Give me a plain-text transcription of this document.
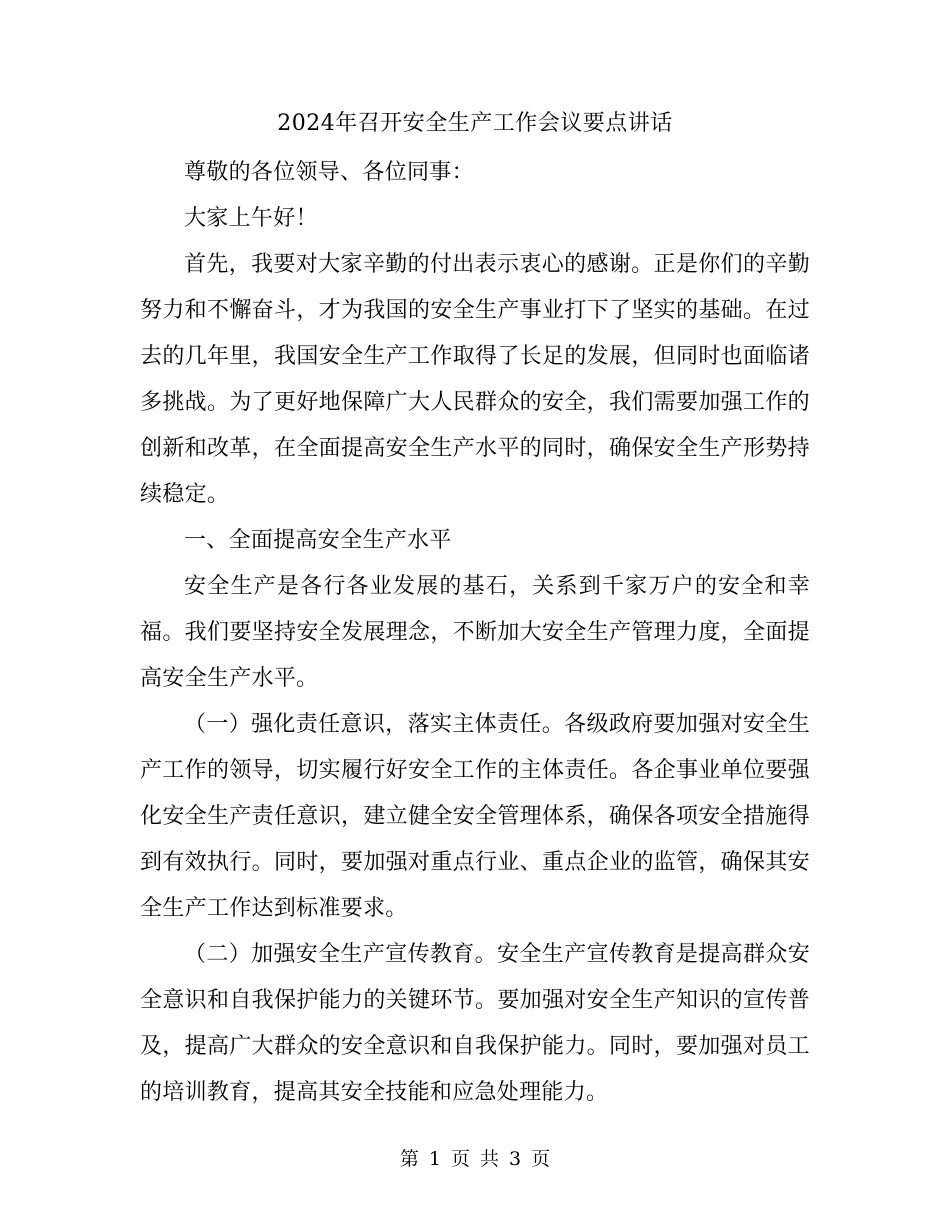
2024年召开安全生产工作会议要点讲话

尊敬的各位领导、各位同事：

大家上午好！

首先，我要对大家辛勤的付出表示衷心的感谢。正是你们的辛勤努力和不懈奋斗，才为我国的安全生产事业打下了坚实的基础。在过去的几年里，我国安全生产工作取得了长足的发展，但同时也面临诸多挑战。为了更好地保障广大人民群众的安全，我们需要加强工作的创新和改革，在全面提高安全生产水平的同时，确保安全生产形势持续稳定。

一、全面提高安全生产水平

安全生产是各行各业发展的基石，关系到千家万户的安全和幸福。我们要坚持安全发展理念，不断加大安全生产管理力度，全面提高安全生产水平。

（一）强化责任意识，落实主体责任。各级政府要加强对安全生产工作的领导，切实履行好安全工作的主体责任。各企事业单位要强化安全生产责任意识，建立健全安全管理体系，确保各项安全措施得到有效执行。同时，要加强对重点行业、重点企业的监管，确保其安全生产工作达到标准要求。

（二）加强安全生产宣传教育。安全生产宣传教育是提高群众安全意识和自我保护能力的关键环节。要加强对安全生产知识的宣传普及，提高广大群众的安全意识和自我保护能力。同时，要加强对员工的培训教育，提高其安全技能和应急处理能力。

第 1 页 共 3 页
